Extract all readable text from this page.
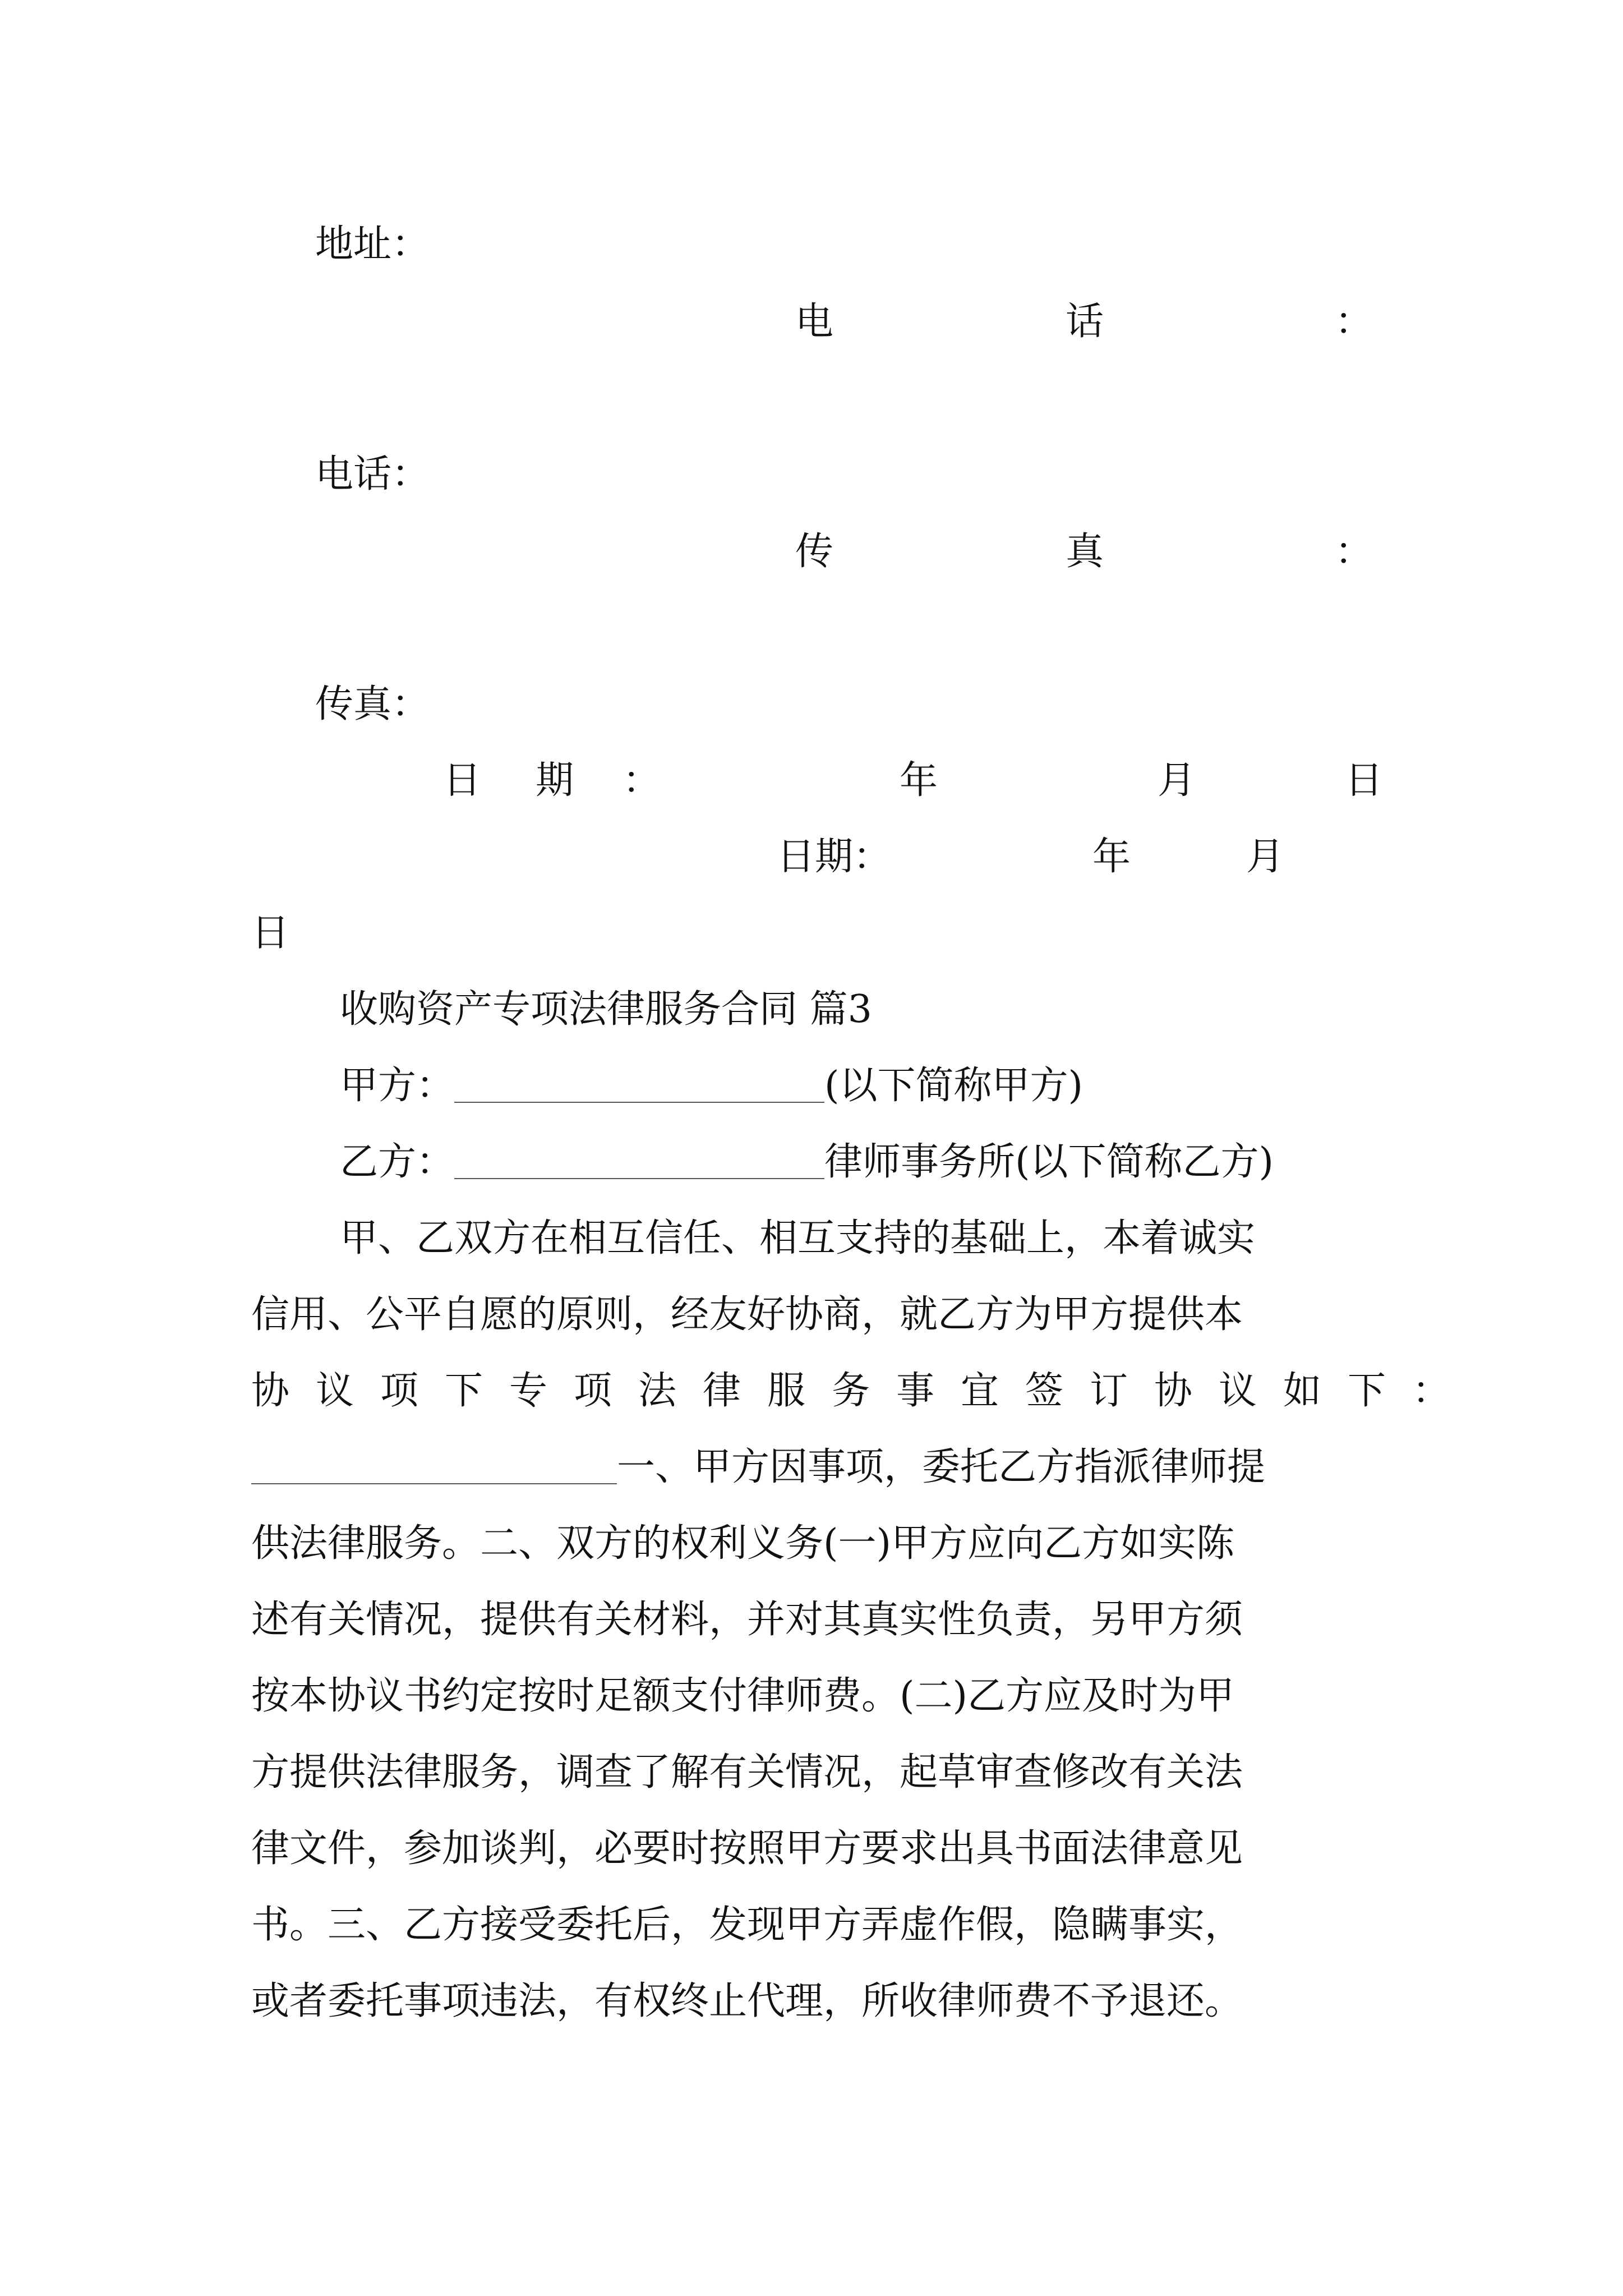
地址：
电	话	：
电话：
传	真	：
传真：
日 期 ：	年	月	日
日期：	年	月
日
收购资产专项法律服务合同 篇3
甲方：	(以下简称甲方)
乙方：	律师事务所(以下简称乙方)
甲、乙双方在相互信任、相互支持的基础上，本着诚实
信用、公平自愿的原则，经友好协商，就乙方为甲方提供本
协议项下专项法律服务事宜签订协议如下：
一、甲方因事项，委托乙方指派律师提
供法律服务。二、双方的权利义务(一)甲方应向乙方如实陈
述有关情况，提供有关材料，并对其真实性负责，另甲方须
按本协议书约定按时足额支付律师费。(二)乙方应及时为甲
方提供法律服务，调查了解有关情况，起草审查修改有关法
律文件，参加谈判，必要时按照甲方要求出具书面法律意见
书。三、乙方接受委托后，发现甲方弄虚作假，隐瞒事实，
或者委托事项违法，有权终止代理，所收律师费不予退还。
